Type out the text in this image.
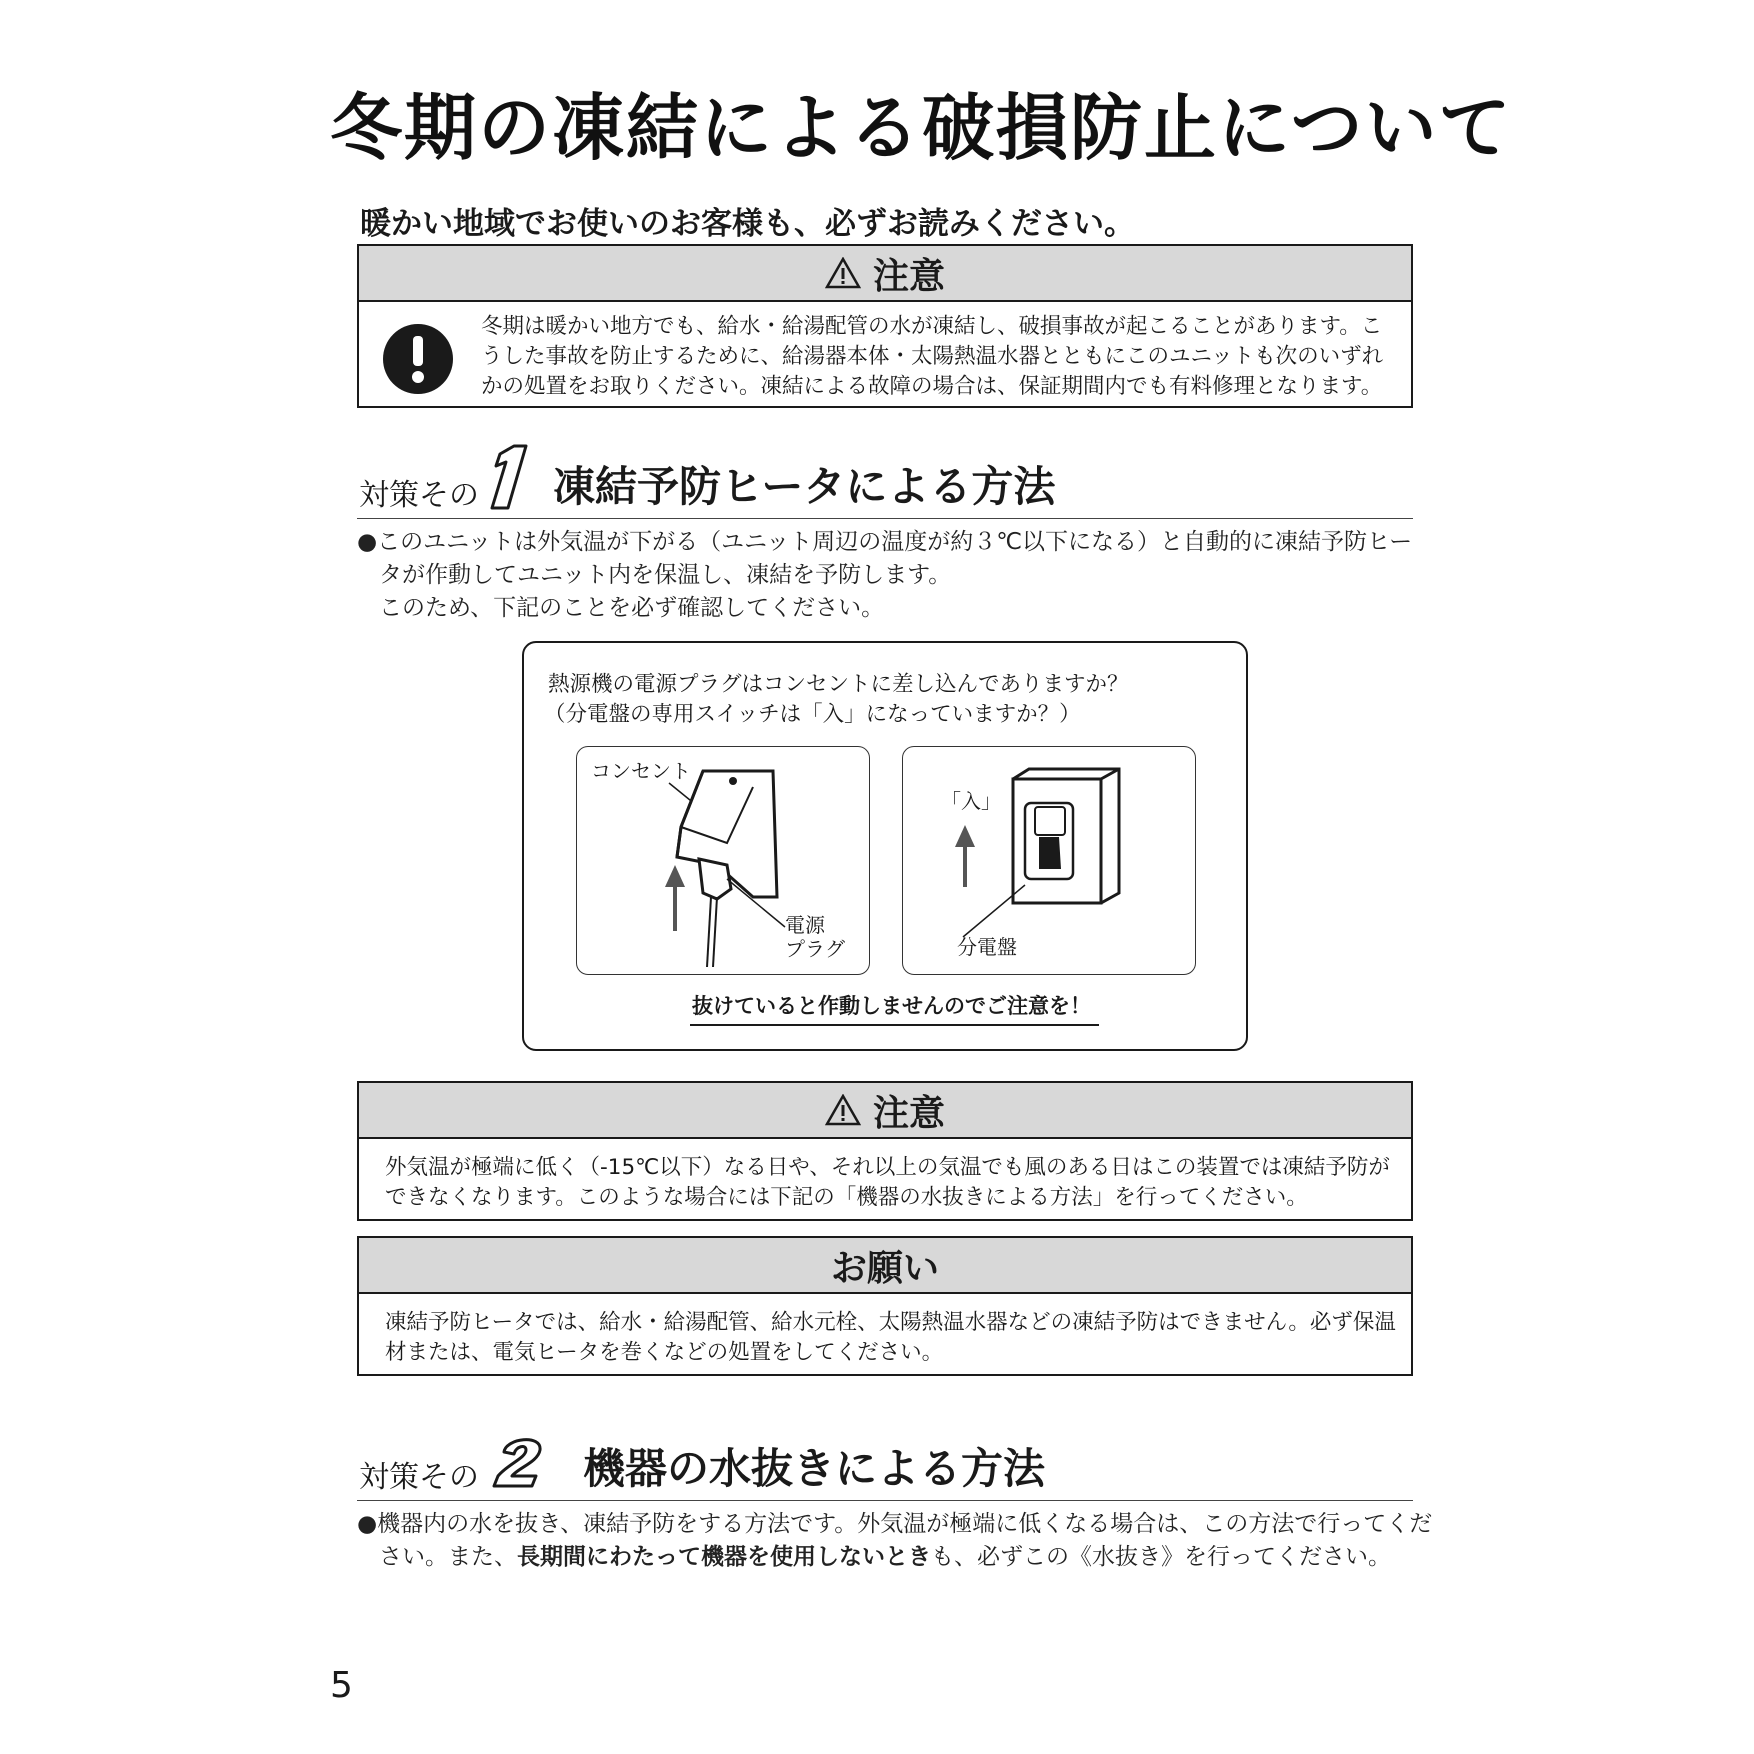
冬期の凍結による破損防止について
暖かい地域でお使いのお客様も、必ずお読みください。
注意
冬期は暖かい地方でも、給水・給湯配管の水が凍結し、破損事故が起こることがあります。こ
うした事故を防止するために、給湯器本体・太陽熱温水器とともにこのユニットも次のいずれ
かの処置をお取りください。凍結による故障の場合は、保証期間内でも有料修理となります。
対策その 凍結予防ヒータによる方法
●このユニットは外気温が下がる（ユニット周辺の温度が約３℃以下になる）と自動的に凍結予防ヒー
タが作動してユニット内を保温し、凍結を予防します。
このため、下記のことを必ず確認してください。
熱源機の電源プラグはコンセントに差し込んでありますか？
（分電盤の専用スイッチは「入」になっていますか？）
コンセント
電源
プラグ
「入」
分電盤
抜けていると作動しませんのでご注意を！
注意
外気温が極端に低く（-15℃以下）なる日や、それ以上の気温でも風のある日はこの装置では凍結予防が
できなくなります。このような場合には下記の「機器の水抜きによる方法」を行ってください。
お願い
凍結予防ヒータでは、給水・給湯配管、給水元栓、太陽熱温水器などの凍結予防はできません。必ず保温
材または、電気ヒータを巻くなどの処置をしてください。
対策その 機器の水抜きによる方法
●機器内の水を抜き、凍結予防をする方法です。外気温が極端に低くなる場合は、この方法で行ってくだ
さい。また、長期間にわたって機器を使用しないときも、必ずこの《水抜き》を行ってください。
5
